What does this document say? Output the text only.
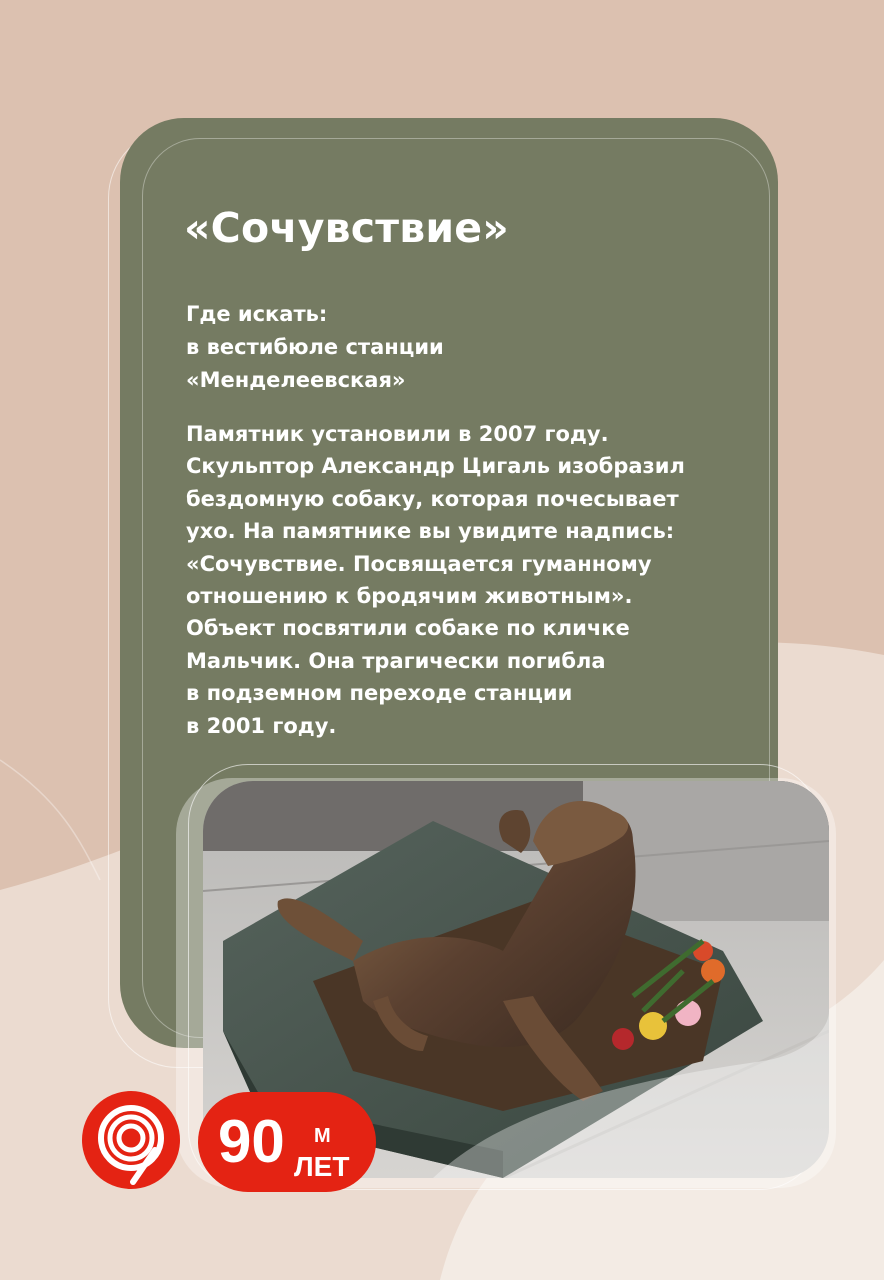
«Сочувствие»
Где искать:
в вестибюле станции
«Менделеевская»
Памятник установили в 2007 году.
Скульптор Александр Цигаль изобразил
бездомную собаку, которая почесывает
ухо. На памятнике вы увидите надпись:
«Сочувствие. Посвящается гуманному
отношению к бродячим животным».
Объект посвятили собаке по кличке
Мальчик. Она трагически погибла
в подземном переходе станции
в 2001 году.
90 М
ЛЕТ
